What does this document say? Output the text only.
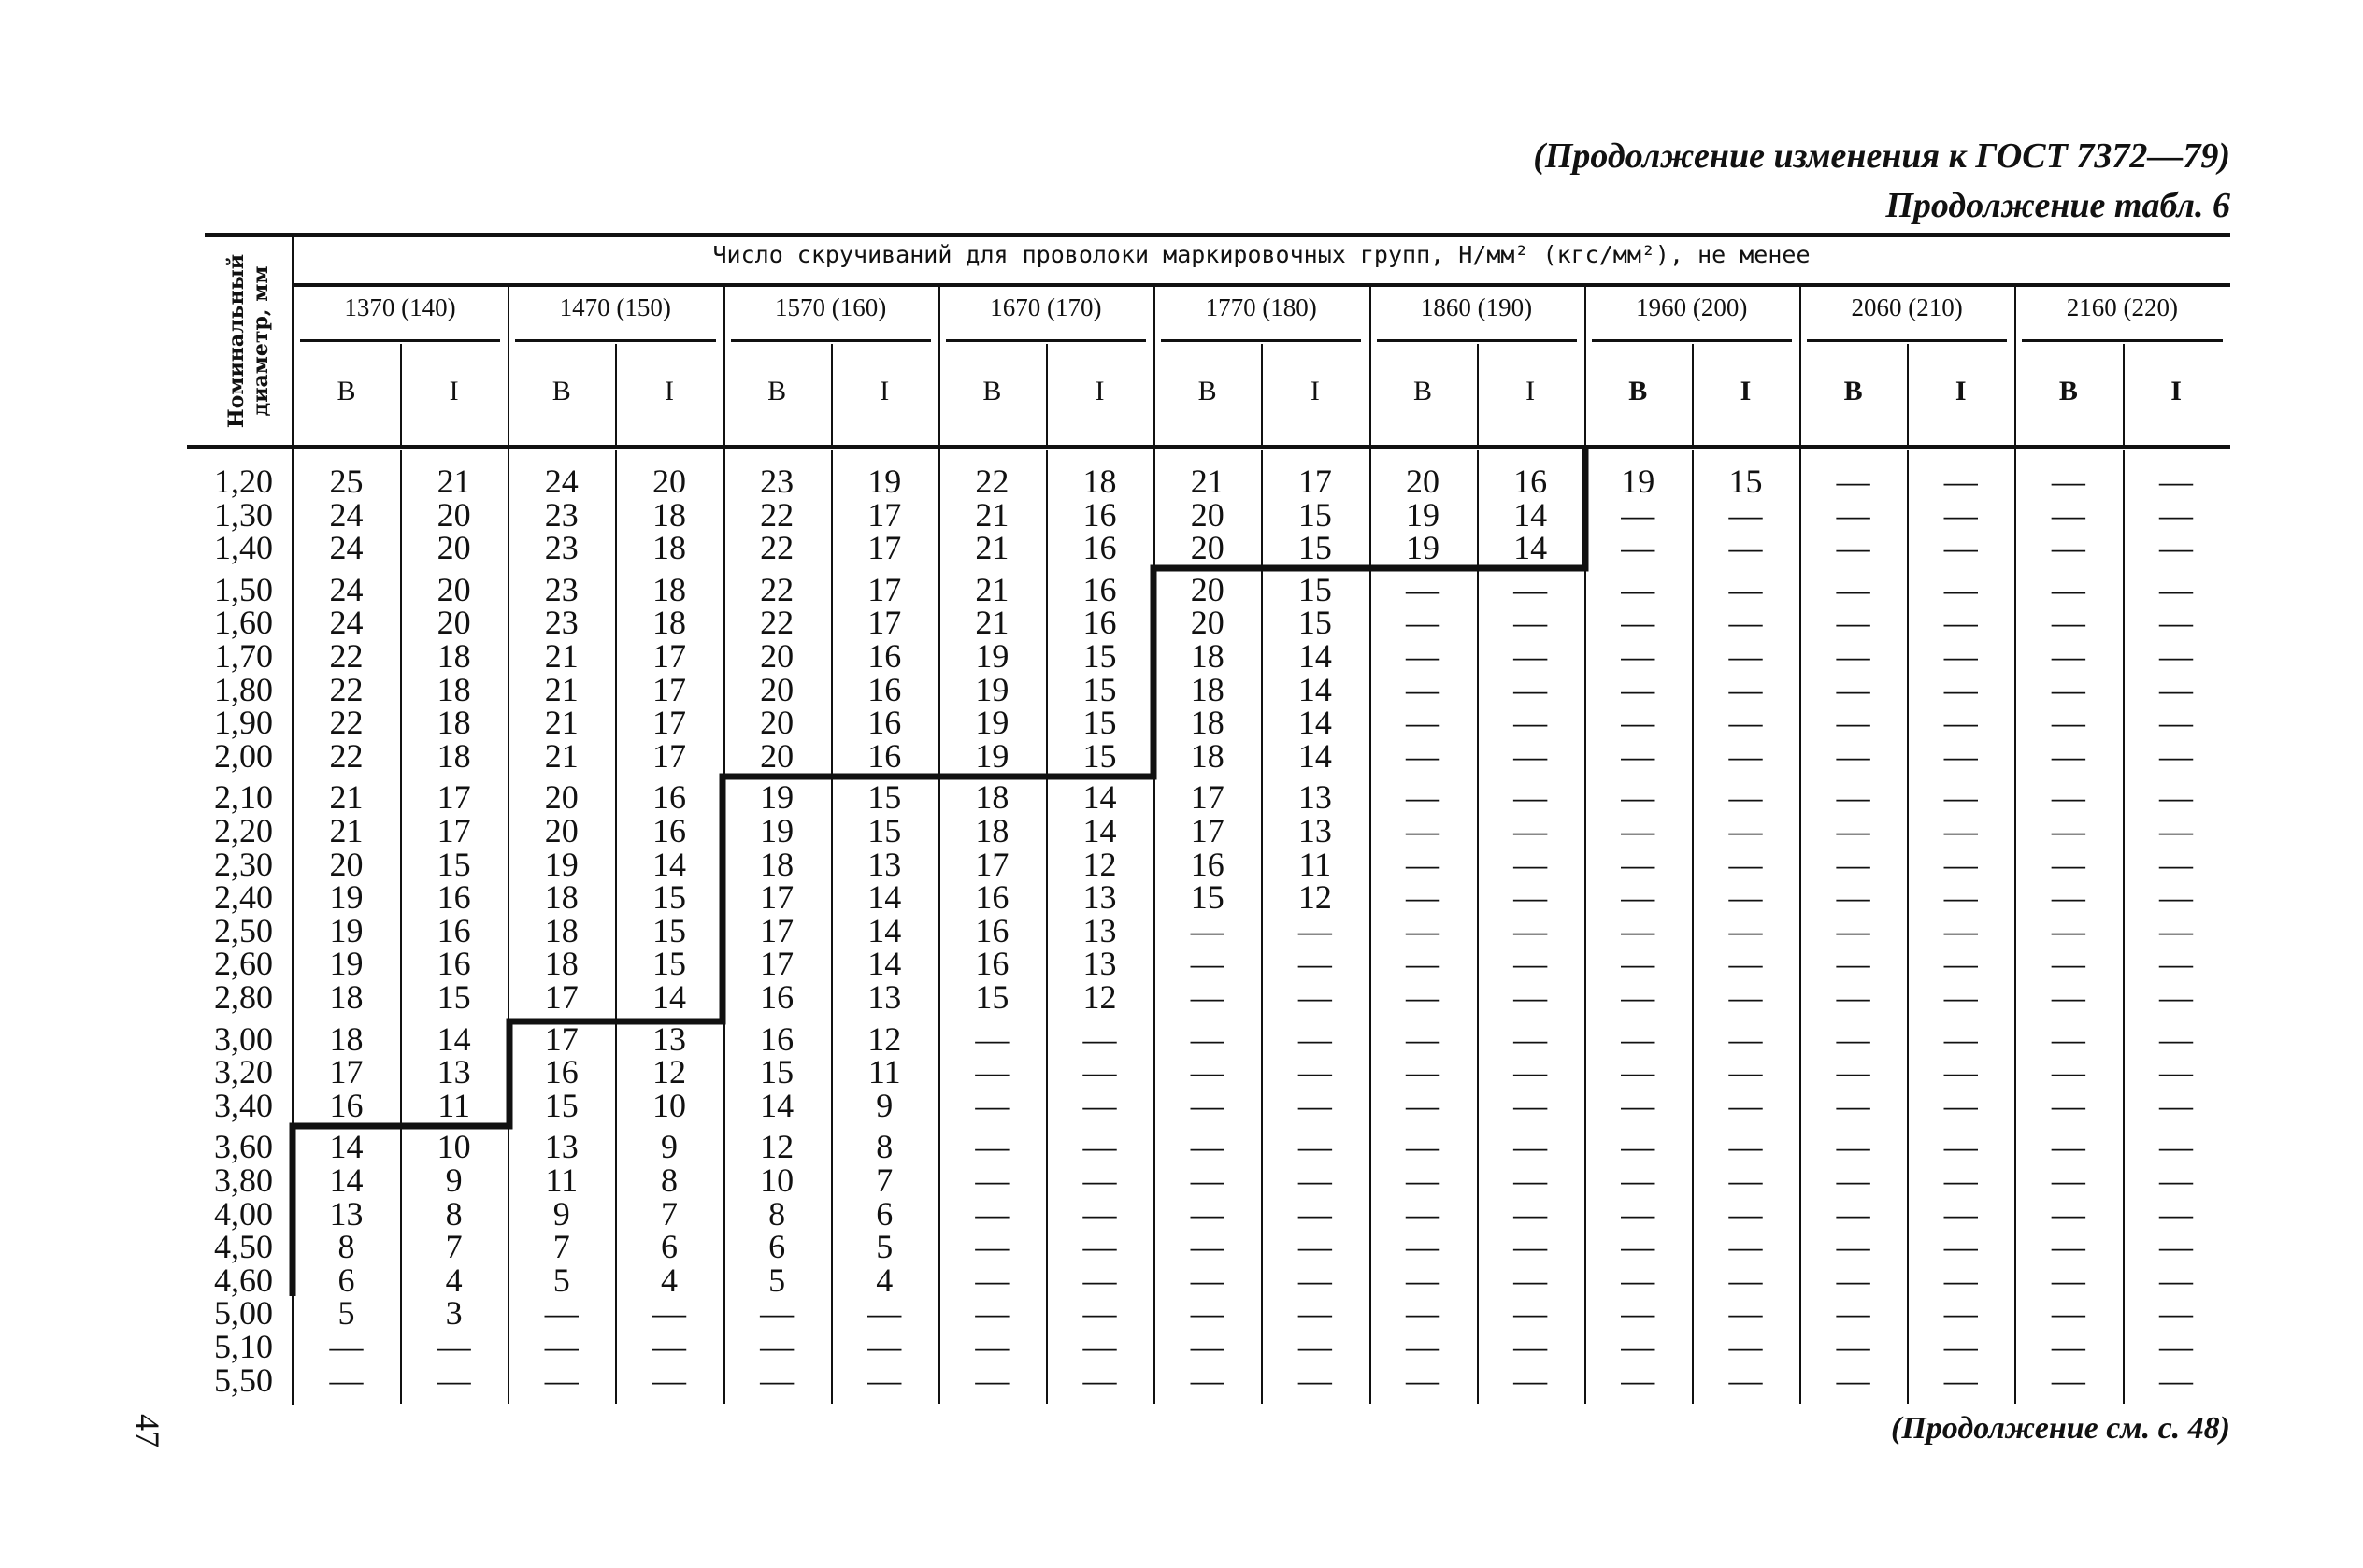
(Продолжение изменения к ГОСТ 7372—79)
Продолжение табл. 6
Номинальный
диаметр, мм
Число скручиваний для проволоки маркировочных групп, Н/мм² (кгс/мм²), не менее
1370 (140)
В	I
1470 (150)
В	I
1570 (160)
В	I
1670 (170)
В	I
1770 (180)
В	I
1860 (190)
В	I
1960 (200)
В	I
2060 (210)
В	I
2160 (220)
В	I
1,20	25	21	24	20	23	19	22	18	21	17	20	16	19	15	—	—	—	—
1,30	24	20	23	18	22	17	21	16	20	15	19	14	—	—	—	—	—	—
1,40	24	20	23	18	22	17	21	16	20	15	19	14	—	—	—	—	—	—
1,50	24	20	23	18	22	17	21	16	20	15	—	—	—	—	—	—	—	—
1,60	24	20	23	18	22	17	21	16	20	15	—	—	—	—	—	—	—	—
1,70	22	18	21	17	20	16	19	15	18	14	—	—	—	—	—	—	—	—
1,80	22	18	21	17	20	16	19	15	18	14	—	—	—	—	—	—	—	—
1,90	22	18	21	17	20	16	19	15	18	14	—	—	—	—	—	—	—	—
2,00	22	18	21	17	20	16	19	15	18	14	—	—	—	—	—	—	—	—
2,10	21	17	20	16	19	15	18	14	17	13	—	—	—	—	—	—	—	—
2,20	21	17	20	16	19	15	18	14	17	13	—	—	—	—	—	—	—	—
2,30	20	15	19	14	18	13	17	12	16	11	—	—	—	—	—	—	—	—
2,40	19	16	18	15	17	14	16	13	15	12	—	—	—	—	—	—	—	—
2,50	19	16	18	15	17	14	16	13	—	—	—	—	—	—	—	—	—	—
2,60	19	16	18	15	17	14	16	13	—	—	—	—	—	—	—	—	—	—
2,80	18	15	17	14	16	13	15	12	—	—	—	—	—	—	—	—	—	—
3,00	18	14	17	13	16	12	—	—	—	—	—	—	—	—	—	—	—	—
3,20	17	13	16	12	15	11	—	—	—	—	—	—	—	—	—	—	—	—
3,40	16	11	15	10	14	9	—	—	—	—	—	—	—	—	—	—	—	—
3,60	14	10	13	9	12	8	—	—	—	—	—	—	—	—	—	—	—	—
3,80	14	9	11	8	10	7	—	—	—	—	—	—	—	—	—	—	—	—
4,00	13	8	9	7	8	6	—	—	—	—	—	—	—	—	—	—	—	—
4,50	8	7	7	6	6	5	—	—	—	—	—	—	—	—	—	—	—	—
4,60	6	4	5	4	5	4	—	—	—	—	—	—	—	—	—	—	—	—
5,00	5	3	—	—	—	—	—	—	—	—	—	—	—	—	—	—	—	—
5,10	—	—	—	—	—	—	—	—	—	—	—	—	—	—	—	—	—	—
5,50	—	—	—	—	—	—	—	—	—	—	—	—	—	—	—	—	—	—
(Продолжение см. с. 48)
47
